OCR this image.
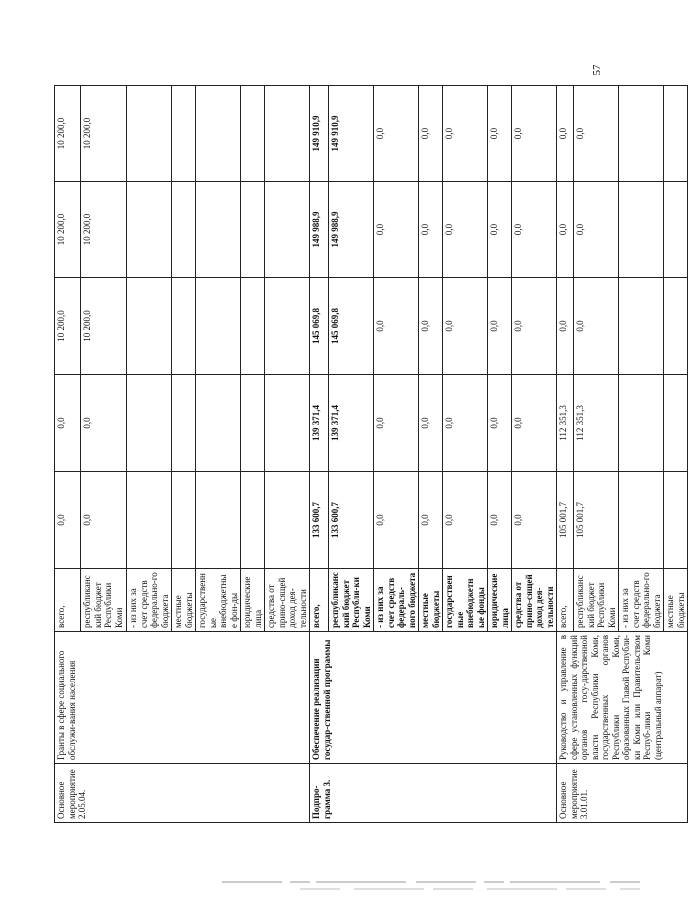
57
Основное мероприятие 2.05.04.	Гранты в сфере социального обслужи-вания населения	всего,	0,0	0,0	10 200,0	10 200,0	10 200,0
		республиканский бюджет Республики Коми	0,0	0,0	10 200,0	10 200,0	10 200,0
		- из них за счет средств федерально-го бюджета					
		местные бюджеты					
		государственные внебюджетные фон-ды					
		юридические лица					
		средства от прино-сящей доход дея-тельности					
Подпро-грамма 3.	Обеспечение реализации государ-ственной программы	всего,	133 600,7	139 371,4	145 069,8	149 988,9	149 910,9
		республиканский бюджет Республи-ки Коми	133 600,7	139 371,4	145 069,8	149 988,9	149 910,9
		- из них за счет средств федераль-ного бюджета	0,0	0,0	0,0	0,0	0,0
		местные бюджеты	0,0	0,0	0,0	0,0	0,0
		государственные внебюджетные фонды	0,0	0,0	0,0	0,0	0,0
		юридические лица	0,0	0,0	0,0	0,0	0,0
		средства от прино-сящей доход дея-тельности	0,0	0,0	0,0	0,0	0,0
Основное мероприятие 3.01.01.	Руководство и управление в сфере установленных функций органов госу-дарственной власти Республики Коми, государственных органов Республики Коми, образованных Главой Республи-ки Коми или Правительством Респуб-лики Коми (центральный аппарат)	всего,	105 001,7	112 351,3	0,0	0,0	0,0
		республиканский бюджет Республики Коми	105 001,7	112 351,3	0,0	0,0	0,0
		- из них за счет средств федерально-го бюджета					
		местные бюджеты					
